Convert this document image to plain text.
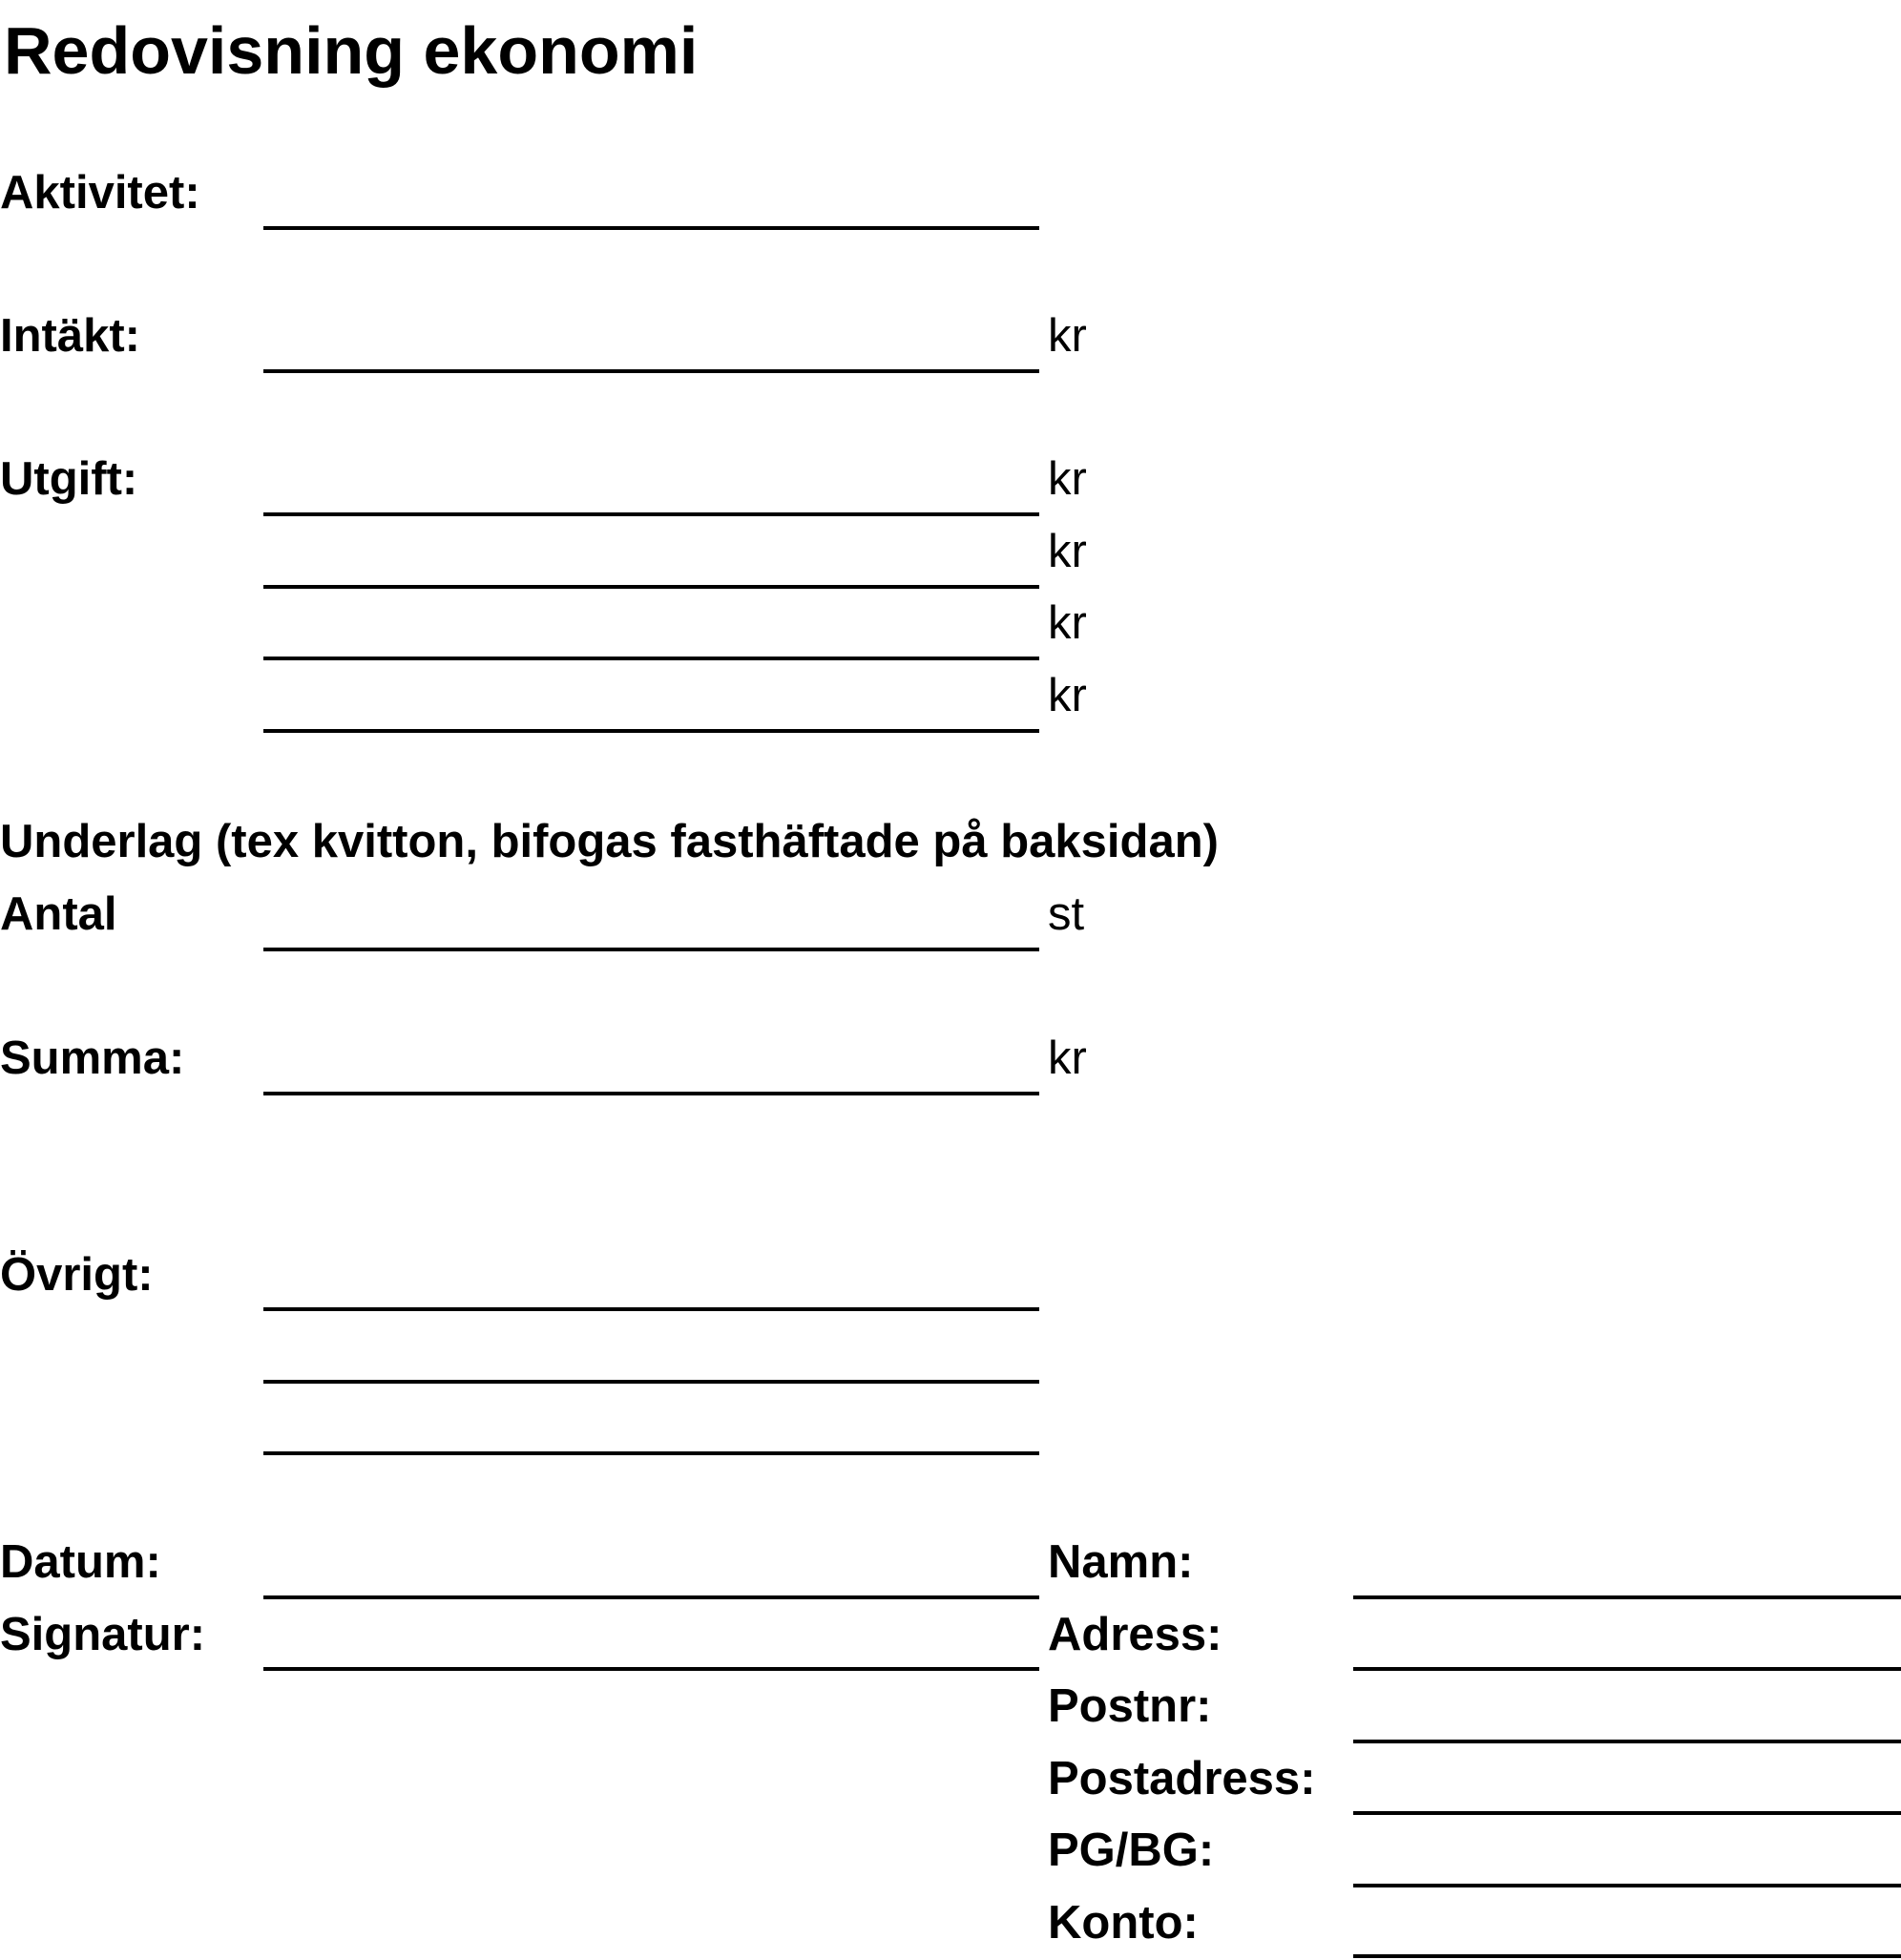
Redovisning ekonomi
Aktivitet:
Intäkt:	kr
Utgift:	kr
kr
kr
kr
Underlag (tex kvitton, bifogas fasthäftade på baksidan)
Antal	st
Summa:	kr
Övrigt:
Datum:
Signatur:
Namn:
Adress:
Postnr:
Postadress:
PG/BG:
Konto:
